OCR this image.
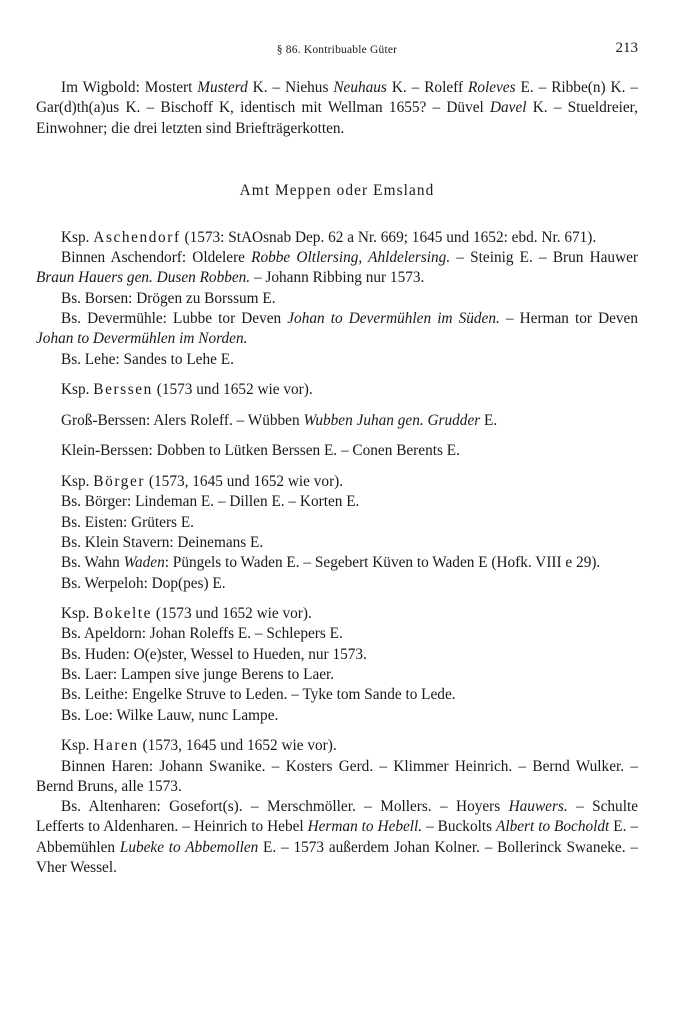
§ 86. Kontribuable Güter	213

Im Wigbold: Mostert Musterd K. – Niehus Neuhaus K. – Roleff Roleves E. – Ribbe(n) K. – Gar(d)th(a)us K. – Bischoff K, identisch mit Wellman 1655? – Düvel Davel K. – Stueldreier, Einwohner; die drei letzten sind Briefträgerkotten.

Amt Meppen oder Emsland

Ksp. Aschendorf (1573: StAOsnab Dep. 62 a Nr. 669; 1645 und 1652: ebd. Nr. 671).

Binnen Aschendorf: Oldelere Robbe Oltlersing, Ahldelersing. – Steinig E. – Brun Hauwer Braun Hauers gen. Dusen Robben. – Johann Ribbing nur 1573.

Bs. Borsen: Drögen zu Borssum E.

Bs. Devermühle: Lubbe tor Deven Johan to Devermühlen im Süden. – Herman tor Deven Johan to Devermühlen im Norden.

Bs. Lehe: Sandes to Lehe E.

Ksp. Berssen (1573 und 1652 wie vor).

Groß-Berssen: Alers Roleff. – Wübben Wubben Juhan gen. Grudder E.

Klein-Berssen: Dobben to Lütken Berssen E. – Conen Berents E.

Ksp. Börger (1573, 1645 und 1652 wie vor).

Bs. Börger: Lindeman E. – Dillen E. – Korten E.

Bs. Eisten: Grüters E.

Bs. Klein Stavern: Deinemans E.

Bs. Wahn Waden: Püngels to Waden E. – Segebert Küven to Waden E (Hofk. VIII e 29).

Bs. Werpeloh: Dop(pes) E.

Ksp. Bokelte (1573 und 1652 wie vor).

Bs. Apeldorn: Johan Roleffs E. – Schlepers E.

Bs. Huden: O(e)ster, Wessel to Hueden, nur 1573.

Bs. Laer: Lampen sive junge Berens to Laer.

Bs. Leithe: Engelke Struve to Leden. – Tyke tom Sande to Lede.

Bs. Loe: Wilke Lauw, nunc Lampe.

Ksp. Haren (1573, 1645 und 1652 wie vor).

Binnen Haren: Johann Swanike. – Kosters Gerd. – Klimmer Heinrich. – Bernd Wulker. – Bernd Bruns, alle 1573.

Bs. Altenharen: Gosefort(s). – Merschmöller. – Mollers. – Hoyers Hauwers. – Schulte Lefferts to Aldenharen. – Heinrich to Hebel Herman to Hebell. – Buckolts Albert to Bocholdt E. – Abbemühlen Lubeke to Abbemollen E. – 1573 außerdem Johan Kolner. – Bollerinck Swaneke. – Vher Wessel.
